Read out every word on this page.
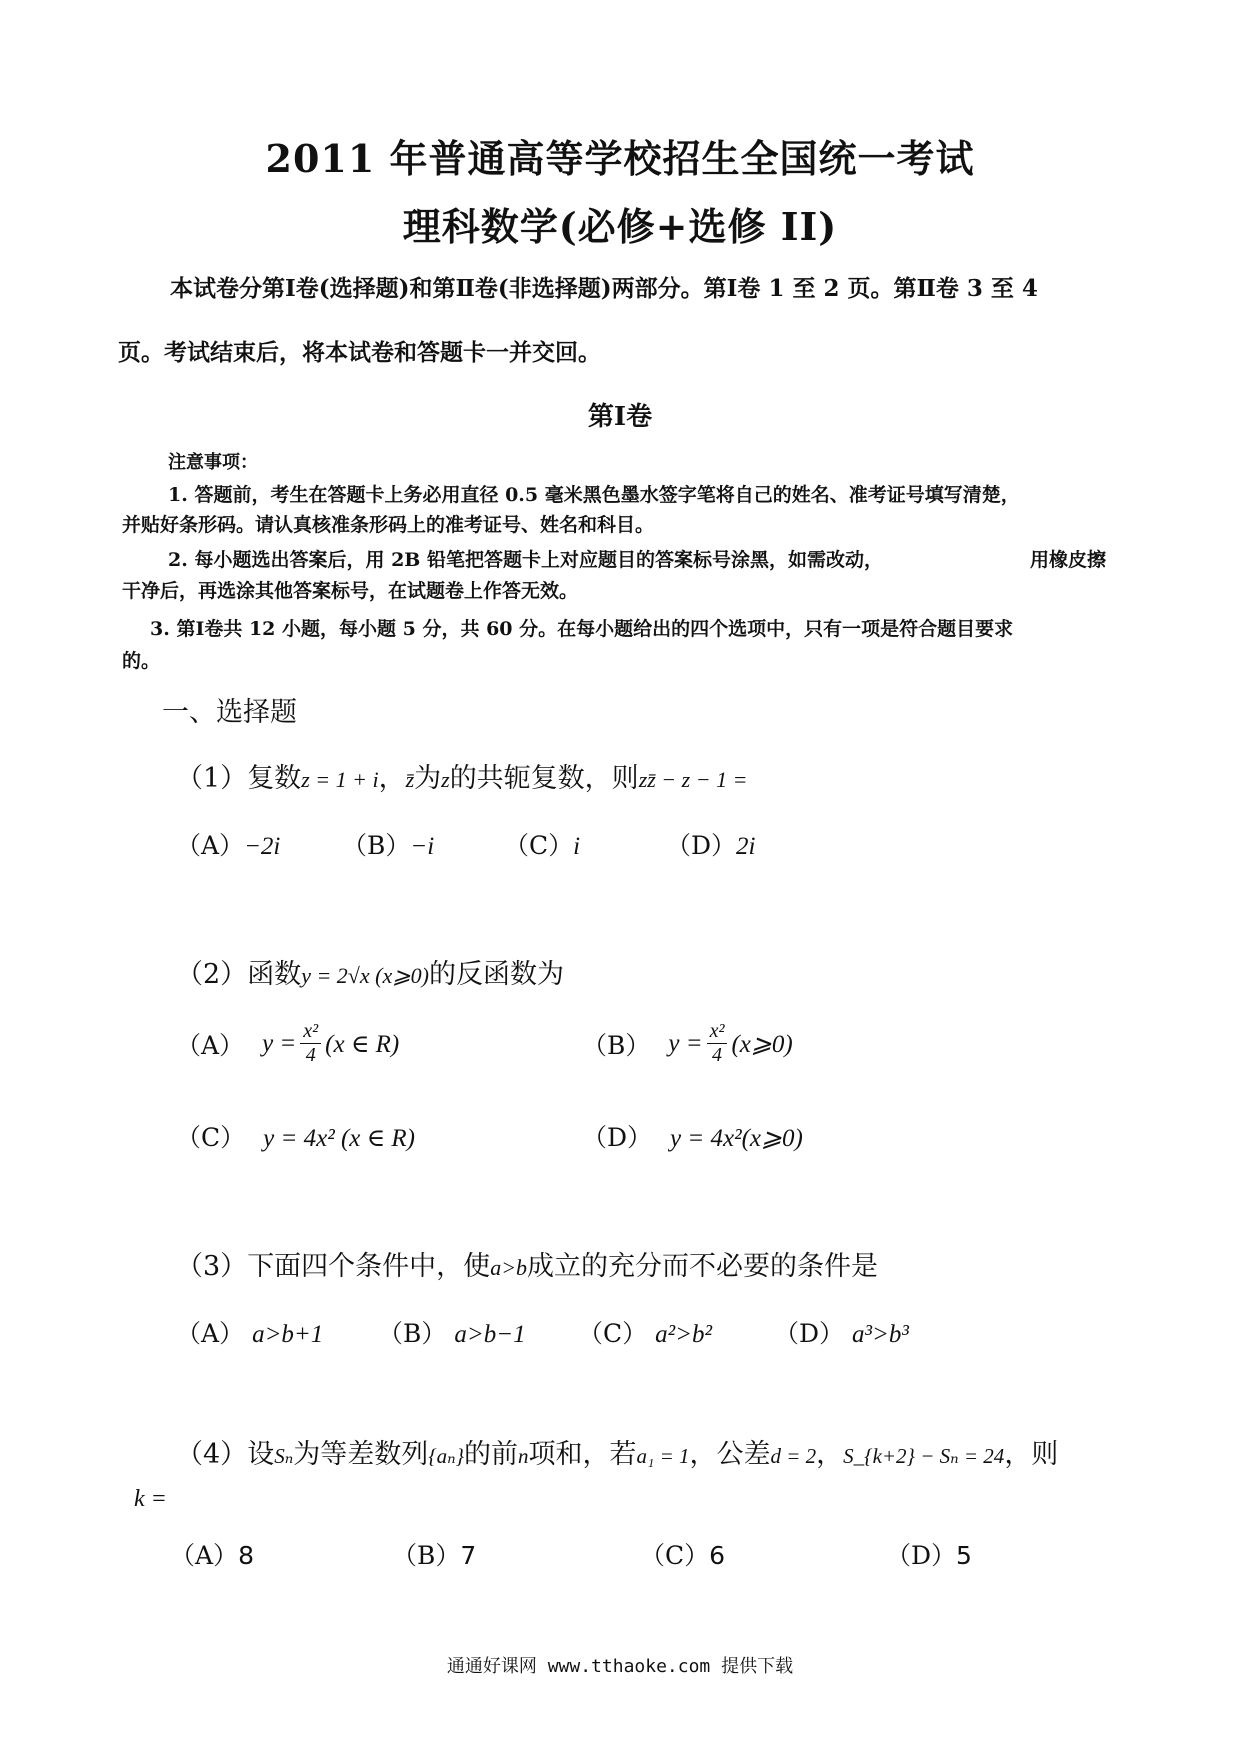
2011 年普通高等学校招生全国统一考试
理科数学(必修+选修 II)
本试卷分第Ⅰ卷(选择题)和第Ⅱ卷(非选择题)两部分。第Ⅰ卷 1 至 2 页。第Ⅱ卷 3 至 4
页。考试结束后，将本试卷和答题卡一并交回。
第Ⅰ卷
注意事项：
1. 答题前，考生在答题卡上务必用直径 0.5 毫米黑色墨水签字笔将自己的姓名、准考证号填写清楚，
并贴好条形码。请认真核准条形码上的准考证号、姓名和科目。
2. 每小题选出答案后，用 2B 铅笔把答题卡上对应题目的答案标号涂黑，如需改动，	用橡皮擦
干净后，再选涂其他答案标号，在试题卷上作答无效。
3. 第Ⅰ卷共 12 小题，每小题 5 分，共 60 分。在每小题给出的四个选项中，只有一项是符合题目要求
的。
一、选择题
（1）复数z = 1 + i，z̄为z的共轭复数，则zz̄ − z − 1 =
（A）−2i （B）−i	（C）i	（D）2i
（2）函数y = 2√x (x⩾0)的反函数为
（A） $y = \frac{\text{x²}}{4} (x$ ∈ R)	（B） $y = \frac{\text{x²}}{4}$ (x⩾0)
（C） y = 4x² (x ∈ R)	（D） y = 4x²(x⩾0)
（3）下面四个条件中，使a>b成立的充分而不必要的条件是
（A） a>b+1 （B） a>b−1 （C） a²>b² （D） a³>b³
（4）设Sₙ为等差数列{aₙ}的前n项和，若a₁ = 1，公差d = 2，S_{k+2} − Sₙ = 24，则
k =
（A）8	（B）7	（C）6	（D）5
通通好课网 www.tthaoke.com 提供下载
